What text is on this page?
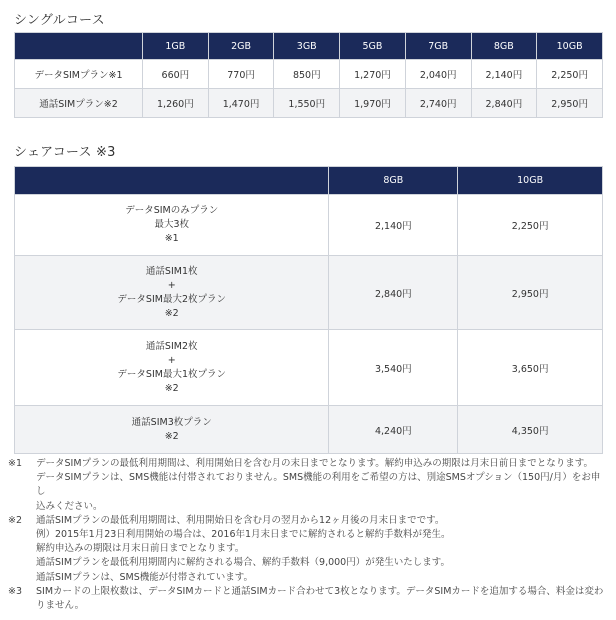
シングルコース
	1GB	2GB	3GB	5GB	7GB	8GB	10GB
データSIMプラン※1	660円	770円	850円	1,270円	2,040円	2,140円	2,250円
通話SIMプラン※2	1,260円	1,470円	1,550円	1,970円	2,740円	2,840円	2,950円
シェアコース ※3
	8GB	10GB

データSIMのみプラン
最大3枚
※1	2,140円	2,250円

通話SIM1枚
+
データSIM最大2枚プラン
※2	2,840円	2,950円

通話SIM2枚
+
データSIM最大1枚プラン
※2	3,540円	3,650円

通話SIM3枚プラン
※2	4,240円	4,350円
※1	データSIMプランの最低利用期間は、利用開始日を含む月の末日までとなります。解約申込みの期限は月末日前日までとなります。
データSIMプランは、SMS機能は付帯されておりません。SMS機能の利用をご希望の方は、別途SMSオプション（150円/月）をお申し
込みください。
※2	通話SIMプランの最低利用期間は、利用開始日を含む月の翌月から12ヶ月後の月末日までです。
例）2015年1月23日利用開始の場合は、2016年1月末日までに解約されると解約手数料が発生。
解約申込みの期限は月末日前日までとなります。
通話SIMプランを最低利用期間内に解約される場合、解約手数料（9,000円）が発生いたします。
通話SIMプランは、SMS機能が付帯されています。
※3	SIMカードの上限枚数は、データSIMカードと通話SIMカード合わせて3枚となります。データSIMカードを追加する場合、料金は変わ
りません。
